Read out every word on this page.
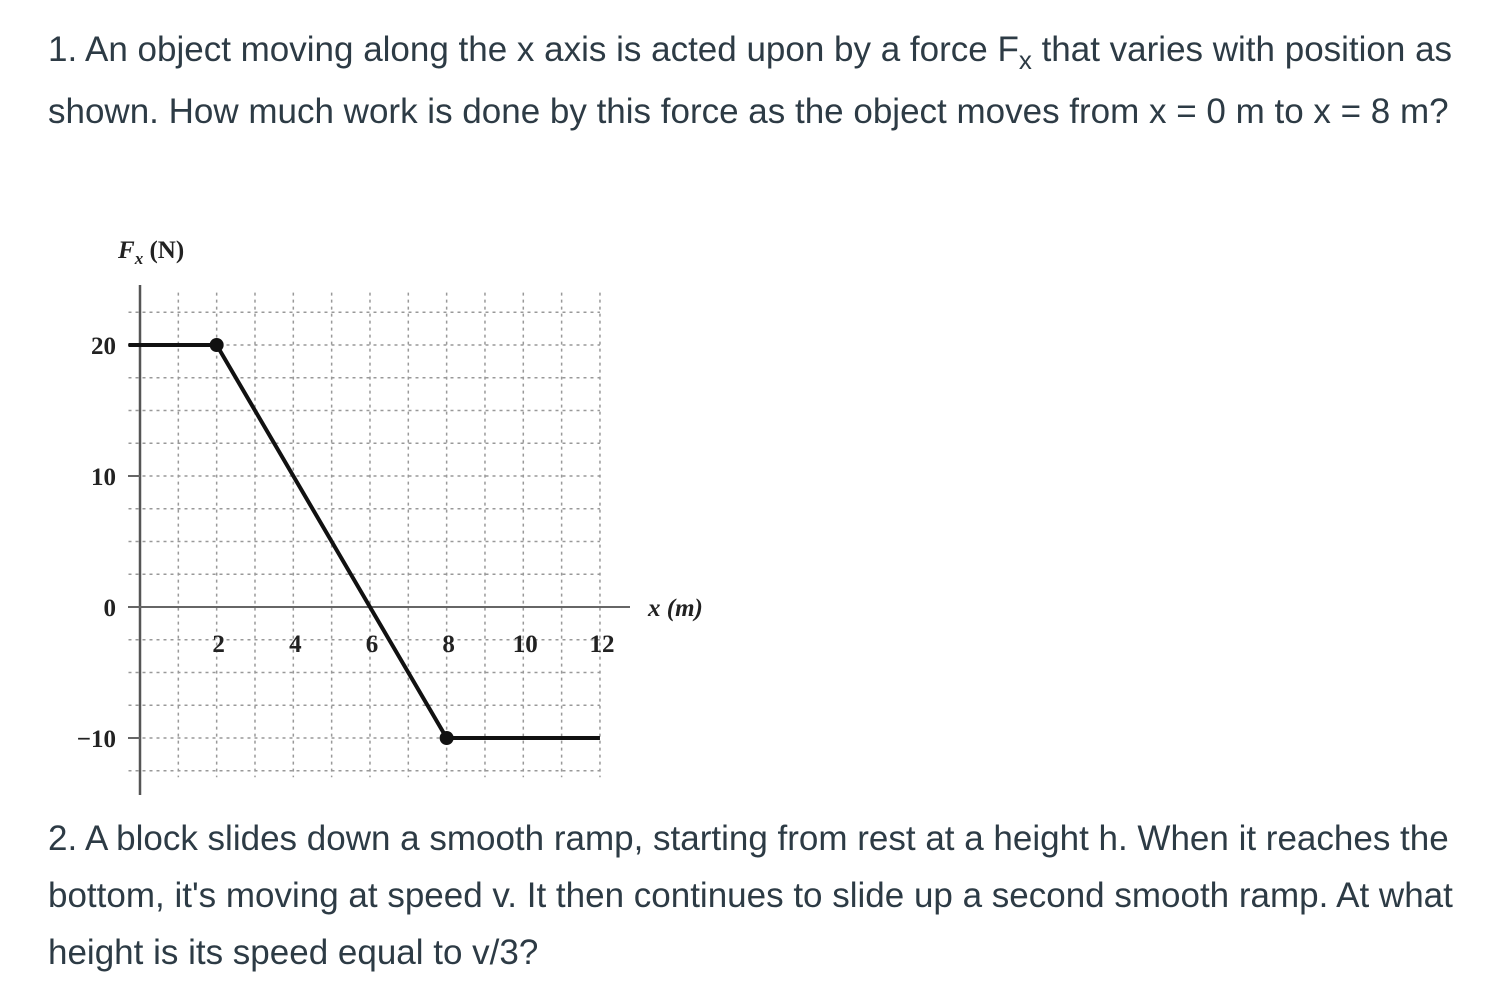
1. An object moving along the x axis is acted upon by a force $F_x$ that varies with position as shown. How much work is done by this force as the object moves from x = 0 m to x = 8 m?

20
10
0
−10
2	4	6	8 10 12
$F_x$ (N)
x (m)

2. A block slides down a smooth ramp, starting from rest at a height h. When it reaches the bottom, it's moving at speed v. It then continues to slide up a second smooth ramp. At what height is its speed equal to v/3?
